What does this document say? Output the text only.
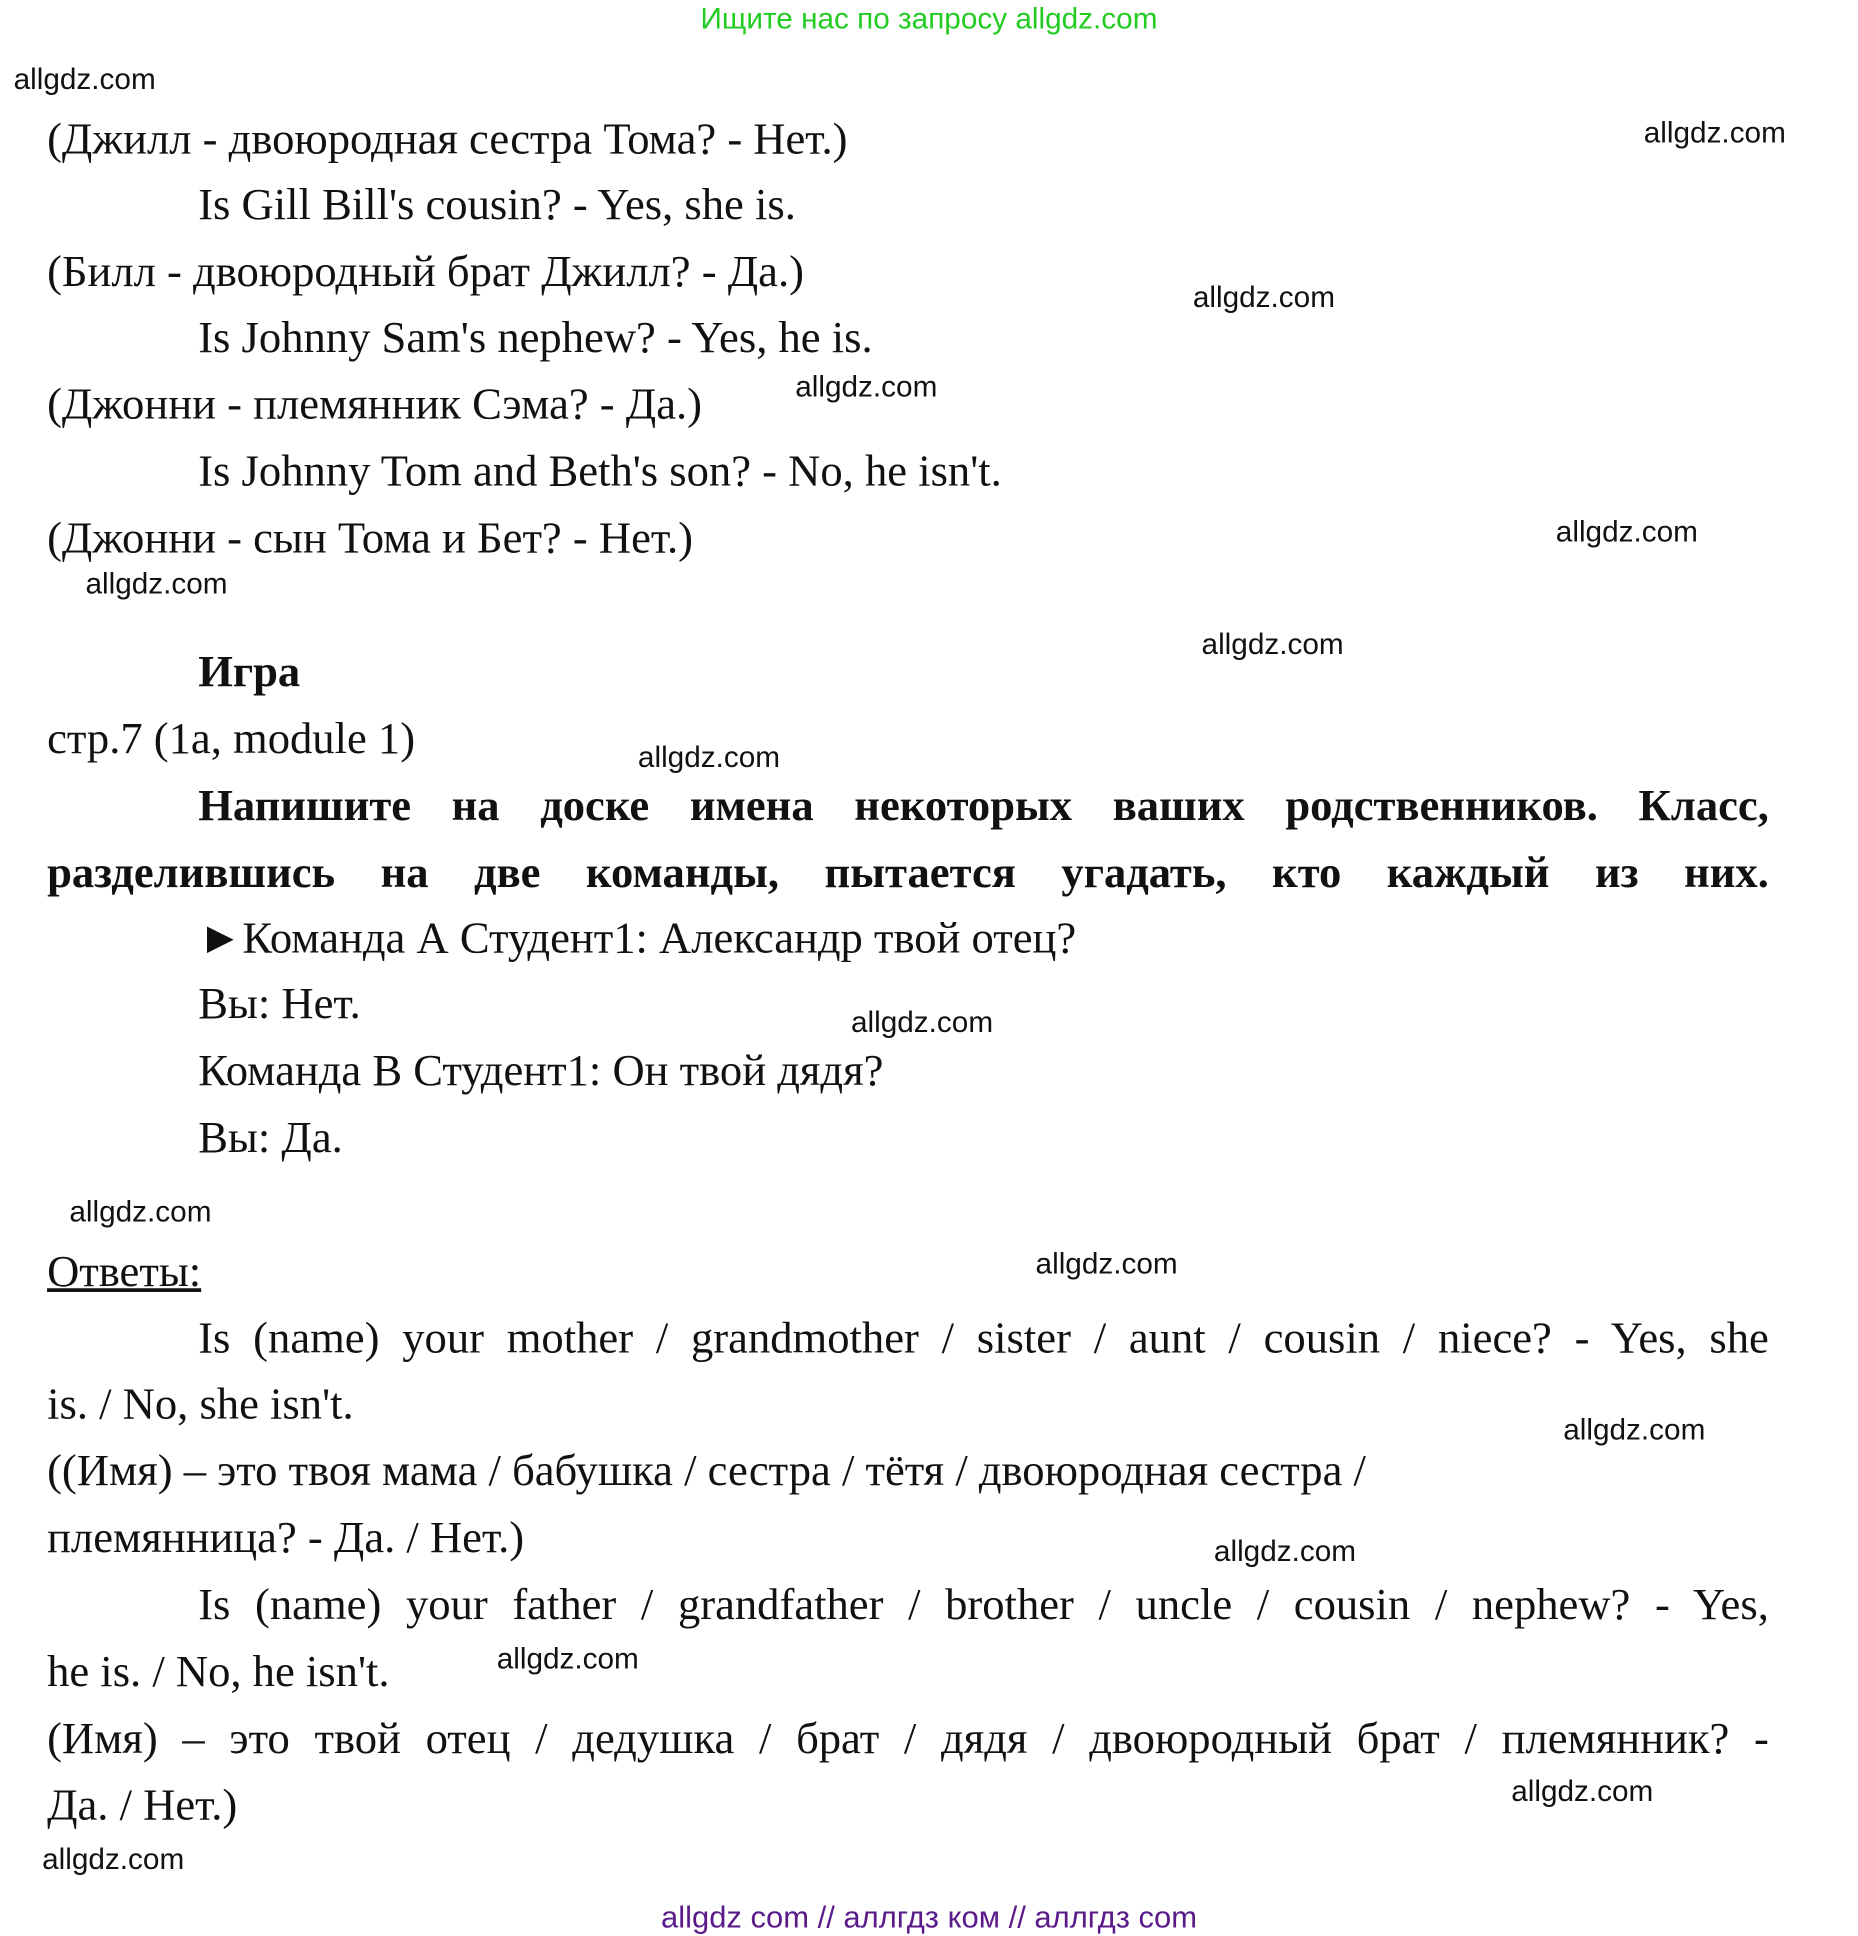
Ищите нас по запросу allgdz.com
(Джилл - двоюродная сестра Тома? - Нет.)
Is Gill Bill's cousin? - Yes, she is.
(Билл - двоюродный брат Джилл? - Да.)
Is Johnny Sam's nephew? - Yes, he is.
(Джонни - племянник Сэма? - Да.)
Is Johnny Tom and Beth's son? - No, he isn't.
(Джонни - сын Тома и Бет? - Нет.)
Игра
стр.7 (1a, module 1)
Напишите на доске имена некоторых ваших родственников. Класс,
разделившись на две команды, пытается угадать, кто каждый из них.
►Команда А Студент1: Александр твой отец?
Вы: Нет.
Команда В Студент1: Он твой дядя?
Вы: Да.
Ответы:
Is (name) your mother / grandmother / sister / aunt / cousin / niece? - Yes, she
is. / No, she isn't.
((Имя) – это твоя мама / бабушка / сестра / тётя / двоюродная сестра /
племянница? - Да. / Нет.)
Is (name) your father / grandfather / brother / uncle / cousin / nephew? - Yes,
he is. / No, he isn't.
(Имя) – это твой отец / дедушка / брат / дядя / двоюродный брат / племянник? -
Да. / Нет.)
allgdz.com
allgdz.com
allgdz.com
allgdz.com
allgdz.com
allgdz.com
allgdz.com
allgdz.com
allgdz.com
allgdz.com
allgdz.com
allgdz.com
allgdz.com
allgdz.com
allgdz.com
allgdz.com
allgdz com // аллгдз ком // аллгдз com
